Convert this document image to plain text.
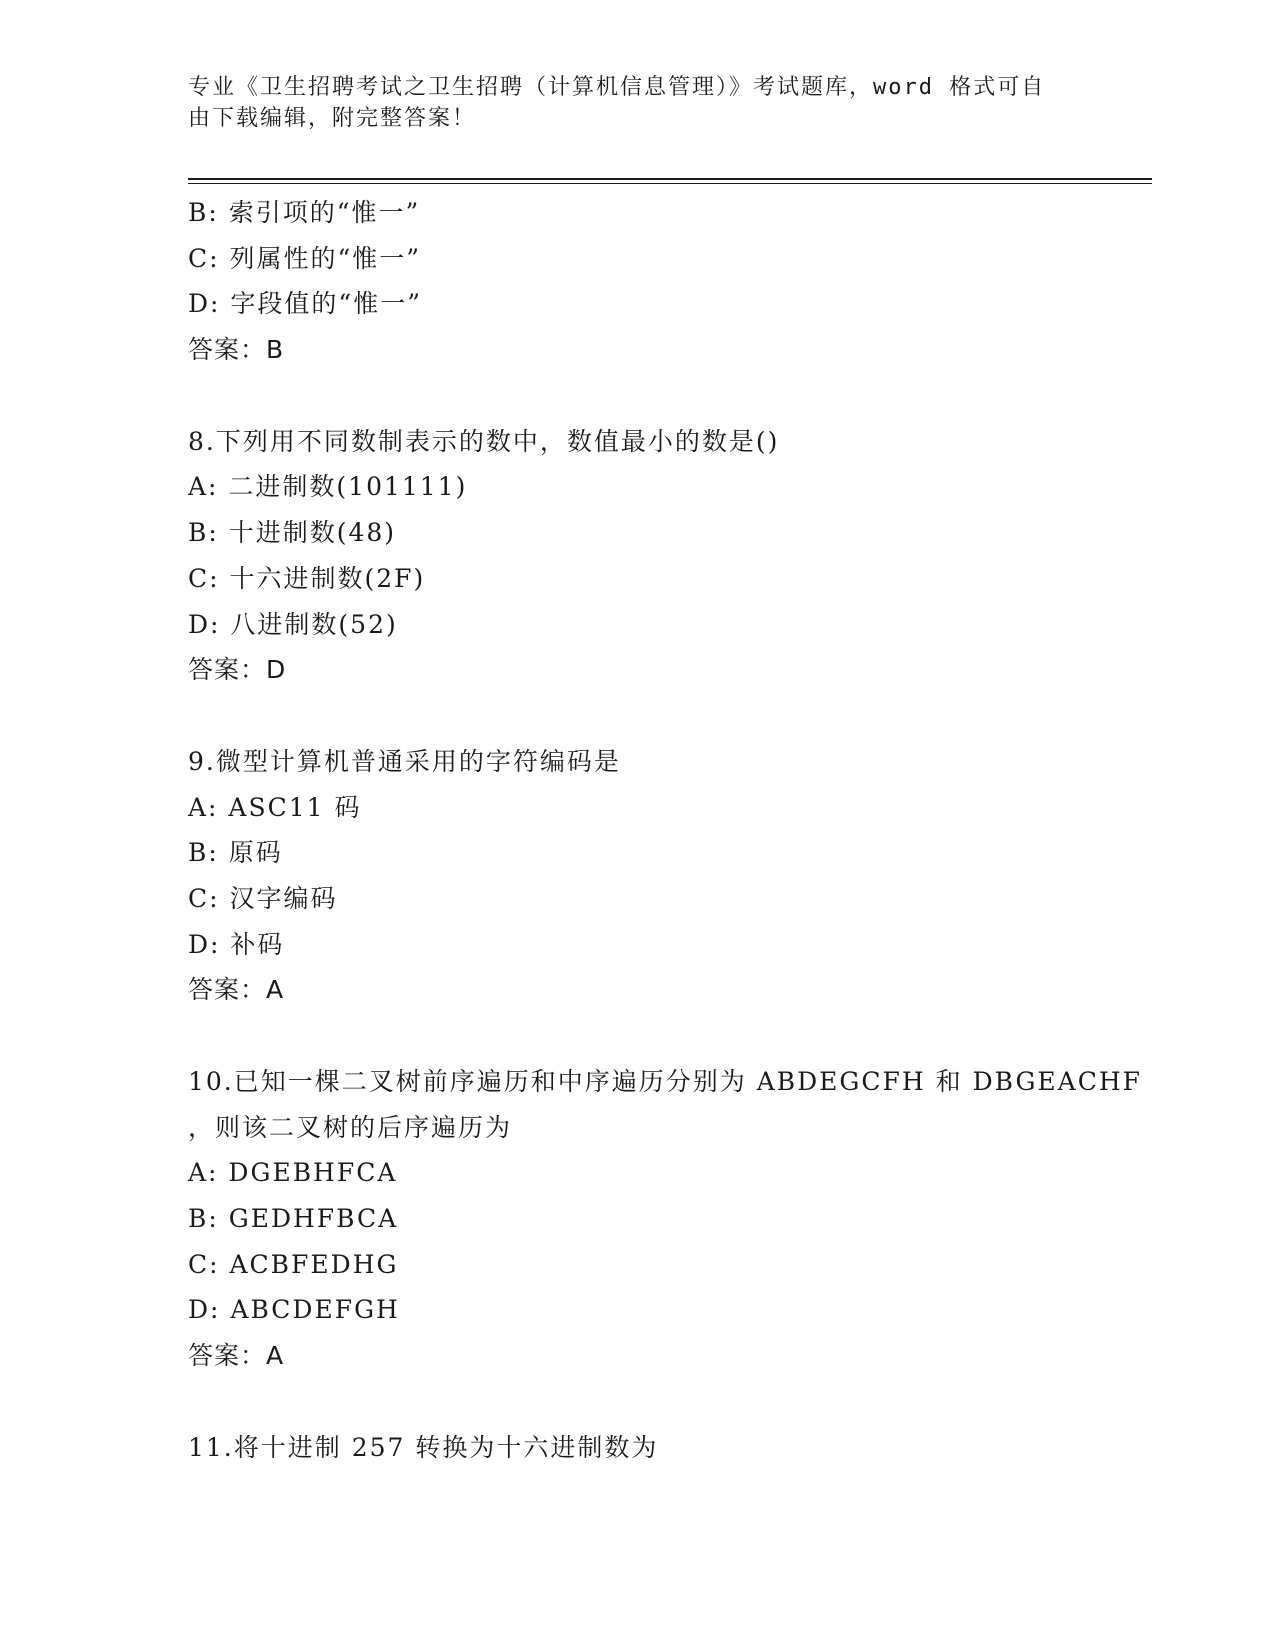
专业《卫生招聘考试之卫生招聘（计算机信息管理）》考试题库，word 格式可自
由下载编辑，附完整答案！
B: 索引项的“惟一”
C: 列属性的“惟一”
D: 字段值的“惟一”
答案：B
8.下列用不同数制表示的数中，数值最小的数是()
A: 二进制数(101111)
B: 十进制数(48)
C: 十六进制数(2F)
D: 八进制数(52)
答案：D
9.微型计算机普通采用的字符编码是
A: ASC11 码
B: 原码
C: 汉字编码
D: 补码
答案：A
10.已知一棵二叉树前序遍历和中序遍历分别为 ABDEGCFH 和 DBGEACHF
，则该二叉树的后序遍历为
A: DGEBHFCA
B: GEDHFBCA
C: ACBFEDHG
D: ABCDEFGH
答案：A
11.将十进制 257 转换为十六进制数为
